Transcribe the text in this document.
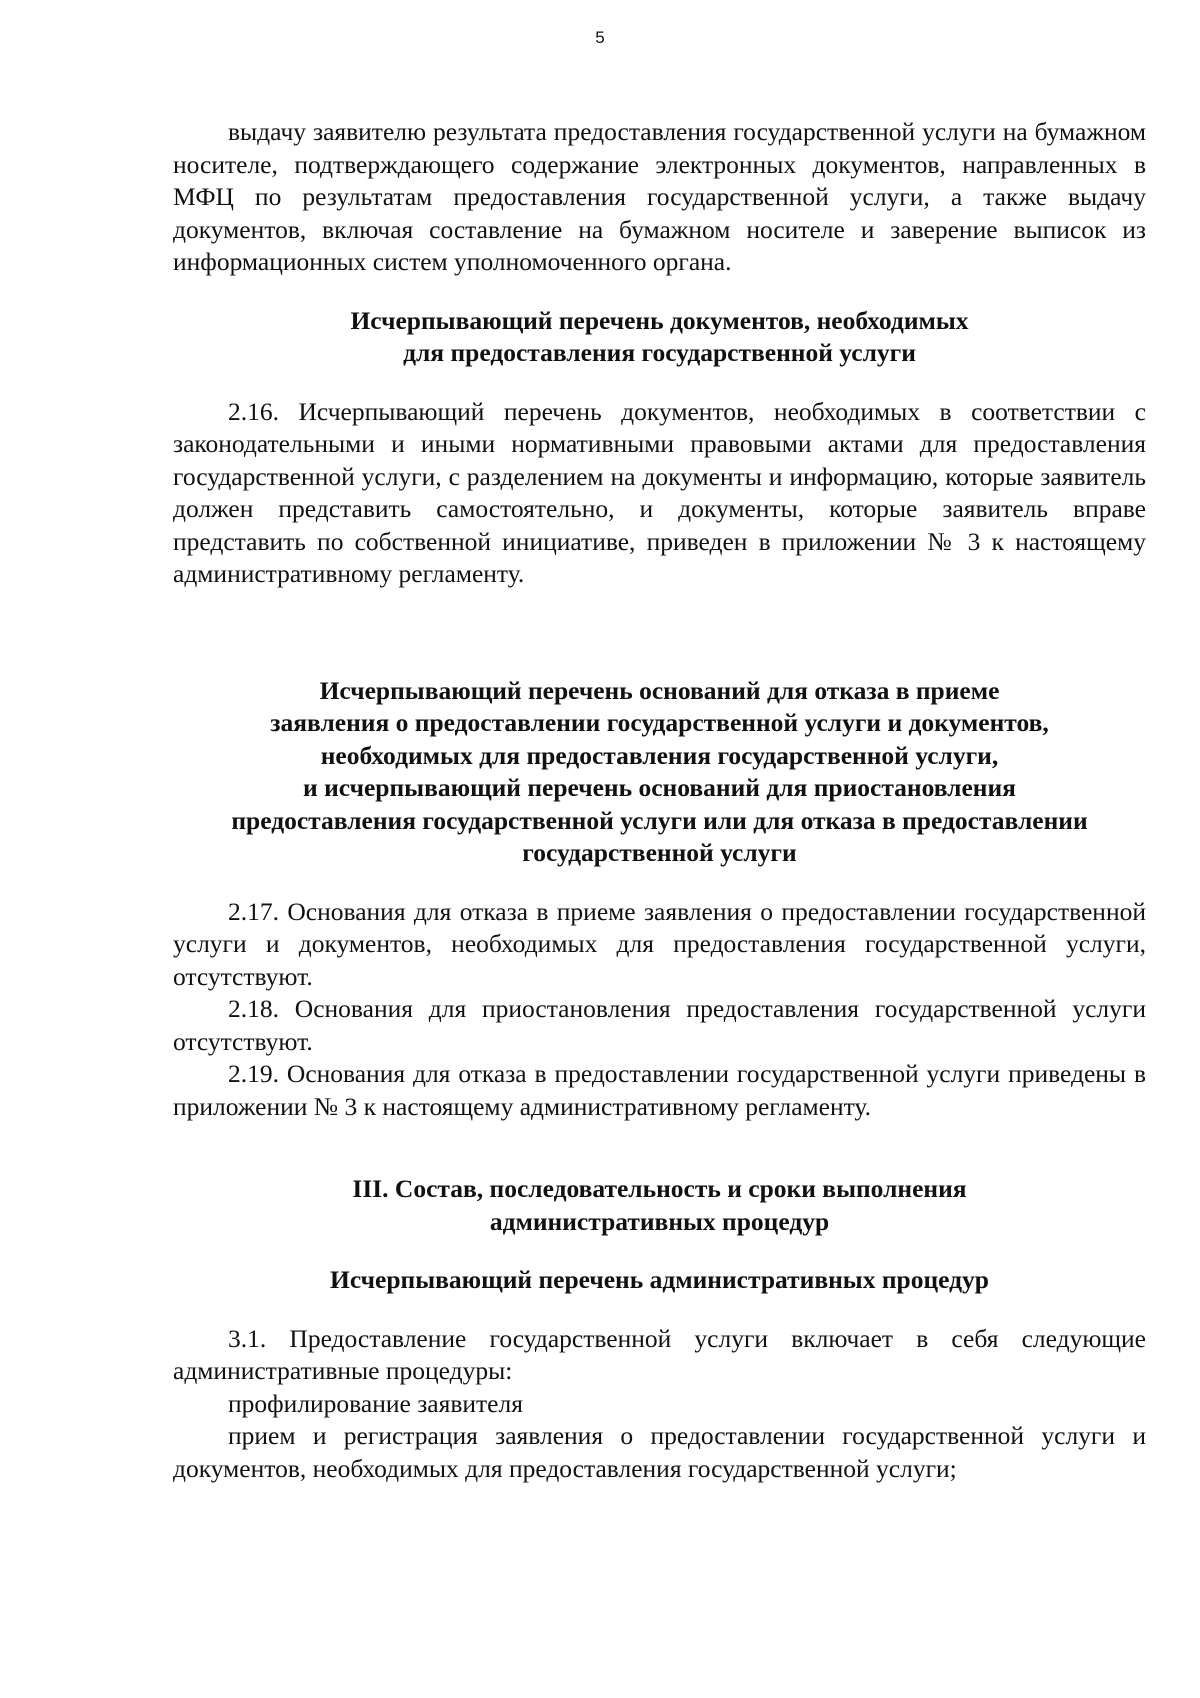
5

выдачу заявителю результата предоставления государственной услуги на бумажном носителе, подтверждающего содержание электронных документов, направленных в МФЦ по результатам предоставления государственной услуги, а также выдачу документов, включая составление на бумажном носителе и заверение выписок из информационных систем уполномоченного органа.

Исчерпывающий перечень документов, необходимых
для предоставления государственной услуги

2.16. Исчерпывающий перечень документов, необходимых в соответствии с законодательными и иными нормативными правовыми актами для предоставления государственной услуги, с разделением на документы и информацию, которые заявитель должен представить самостоятельно, и документы, которые заявитель вправе представить по собственной инициативе, приведен в приложении № 3 к настоящему административному регламенту.

Исчерпывающий перечень оснований для отказа в приеме
заявления о предоставлении государственной услуги и документов,
необходимых для предоставления государственной услуги,
и исчерпывающий перечень оснований для приостановления
предоставления государственной услуги или для отказа в предоставлении
государственной услуги

2.17. Основания для отказа в приеме заявления о предоставлении государственной услуги и документов, необходимых для предоставления государственной услуги, отсутствуют.

2.18. Основания для приостановления предоставления государственной услуги отсутствуют.

2.19. Основания для отказа в предоставлении государственной услуги приведены в приложении № 3 к настоящему административному регламенту.

III. Состав, последовательность и сроки выполнения
административных процедур
Исчерпывающий перечень административных процедур

3.1. Предоставление государственной услуги включает в себя следующие административные процедуры:

профилирование заявителя

прием и регистрация заявления о предоставлении государственной услуги и документов, необходимых для предоставления государственной услуги;
